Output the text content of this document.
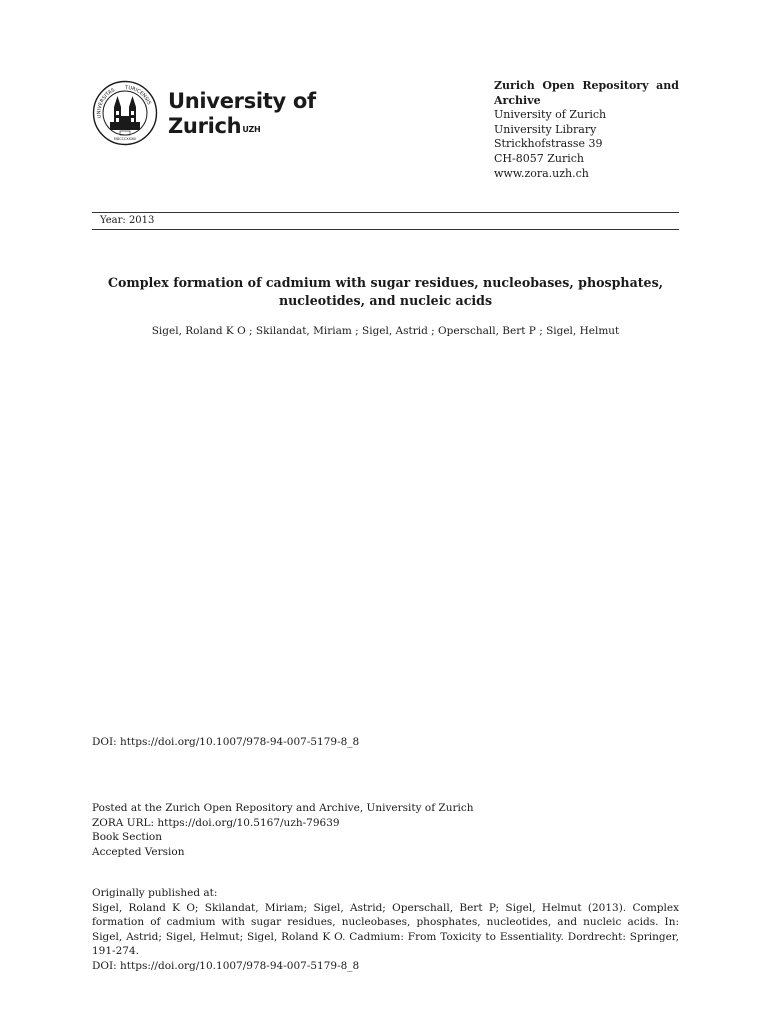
UNIVERSITAS TURICENSIS
MDCCCXXXIII
University of
Zurich$^{UZH}$
Zurich Open Repository and Archive
University of Zurich
University Library
Strickhofstrasse 39
CH-8057 Zurich
www.zora.uzh.ch
Year: 2013
Complex formation of cadmium with sugar residues, nucleobases, phosphates, nucleotides, and nucleic acids
Sigel, Roland K O ; Skilandat, Miriam ; Sigel, Astrid ; Operschall, Bert P ; Sigel, Helmut
DOI: https://doi.org/10.1007/978-94-007-5179-8_8
Posted at the Zurich Open Repository and Archive, University of Zurich
ZORA URL: https://doi.org/10.5167/uzh-79639
Book Section
Accepted Version
Originally published at:
Sigel, Roland K O; Skilandat, Miriam; Sigel, Astrid; Operschall, Bert P; Sigel, Helmut (2013). Complex formation of cadmium with sugar residues, nucleobases, phosphates, nucleotides, and nucleic acids. In: Sigel, Astrid; Sigel, Helmut; Sigel, Roland K O. Cadmium: From Toxicity to Essentiality. Dordrecht: Springer, 191-274.
DOI: https://doi.org/10.1007/978-94-007-5179-8_8
